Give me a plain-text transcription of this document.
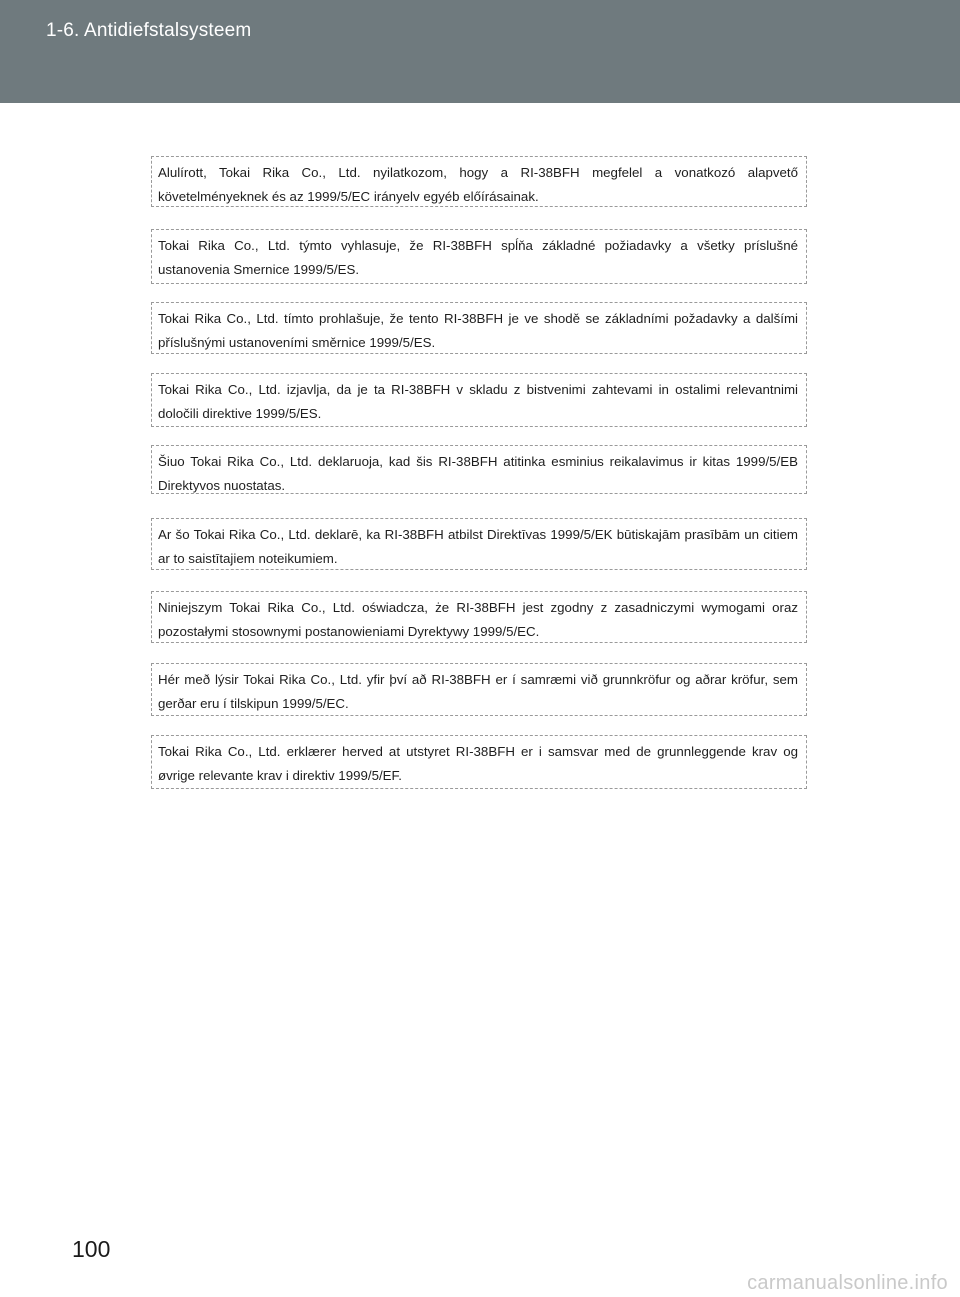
1-6. Antidiefstalsysteem
Alulírott, Tokai Rika Co., Ltd. nyilatkozom, hogy a RI-38BFH megfelel a vonatkozó alapvető követelményeknek és az 1999/5/EC irányelv egyéb előírásainak.
Tokai Rika Co., Ltd. týmto vyhlasuje, že RI-38BFH spĺňa základné požiadavky a všetky príslušné ustanovenia Smernice 1999/5/ES.
Tokai Rika Co., Ltd. tímto prohlašuje, že tento RI-38BFH je ve shodě se základními požadavky a dalšími příslušnými ustanoveními směrnice 1999/5/ES.
Tokai Rika Co., Ltd. izjavlja, da je ta RI-38BFH v skladu z bistvenimi zahtevami in ostalimi relevantnimi določili direktive 1999/5/ES.
Šiuo Tokai Rika Co., Ltd. deklaruoja, kad šis RI-38BFH atitinka esminius reikalavimus ir kitas 1999/5/EB Direktyvos nuostatas.
Ar šo Tokai Rika Co., Ltd. deklarē, ka RI-38BFH atbilst Direktīvas 1999/5/EK būtiskajām prasībām un citiem ar to saistītajiem noteikumiem.
Niniejszym Tokai Rika Co., Ltd. oświadcza, że RI-38BFH jest zgodny z zasadniczymi wymogami oraz pozostałymi stosownymi postanowieniami Dyrektywy 1999/5/EC.
Hér með lýsir Tokai Rika Co., Ltd. yfir því að RI-38BFH er í samræmi við grunnkröfur og aðrar kröfur, sem gerðar eru í tilskipun 1999/5/EC.
Tokai Rika Co., Ltd. erklærer herved at utstyret RI-38BFH er i samsvar med de grunnleggende krav og øvrige relevante krav i direktiv 1999/5/EF.
100
carmanualsonline.info
